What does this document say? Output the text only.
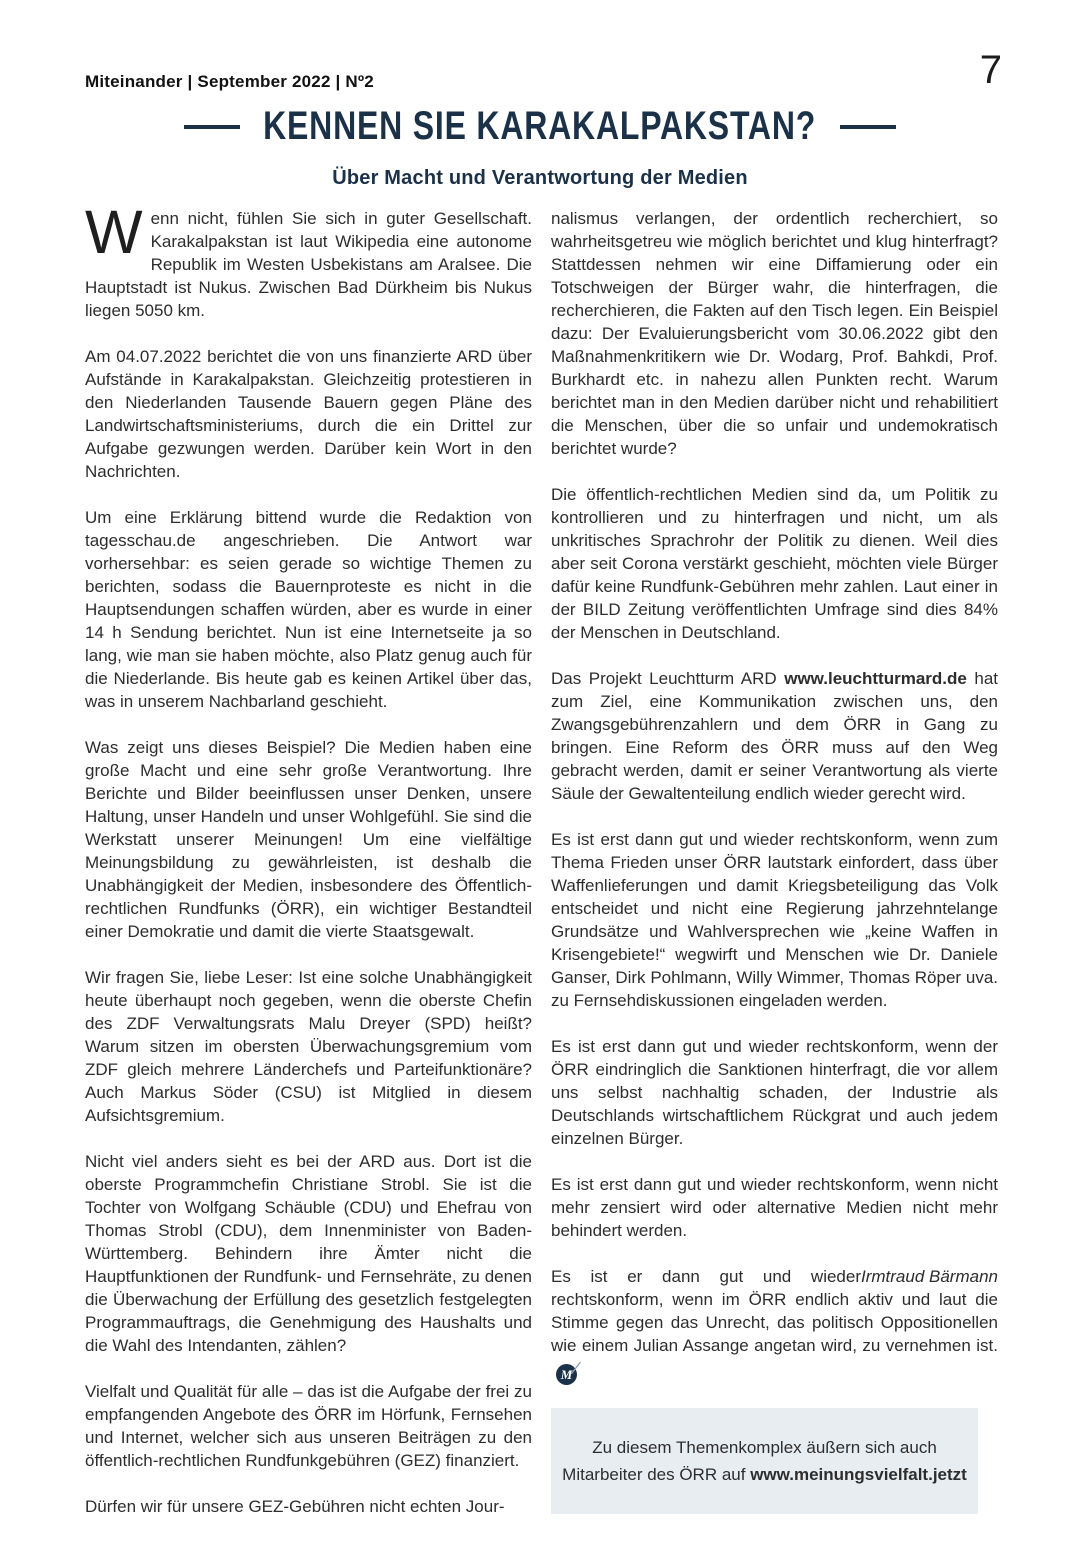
Miteinander | September 2022 | Nº2	7
KENNEN SIE KARAKALPAKSTAN?
Über Macht und Verantwortung der Medien

Wenn nicht, fühlen Sie sich in guter Gesellschaft. Karakalpakstan ist laut Wikipedia eine autonome Republik im Westen Usbekistans am Aralsee. Die Hauptstadt ist Nukus. Zwischen Bad Dürkheim bis Nukus liegen 5050 km.

Am 04.07.2022 berichtet die von uns finanzierte ARD über Aufstände in Karakalpakstan. Gleichzeitig protestieren in den Niederlanden Tausende Bauern gegen Pläne des Landwirtschaftsministeriums, durch die ein Drittel zur Aufgabe gezwungen werden. Darüber kein Wort in den Nachrichten.

Um eine Erklärung bittend wurde die Redaktion von tagesschau.de angeschrieben. Die Antwort war vorhersehbar: es seien gerade so wichtige Themen zu berichten, sodass die Bauernproteste es nicht in die Hauptsendungen schaffen würden, aber es wurde in einer 14 h Sendung berichtet. Nun ist eine Internetseite ja so lang, wie man sie haben möchte, also Platz genug auch für die Niederlande. Bis heute gab es keinen Artikel über das, was in unserem Nachbarland geschieht.

Was zeigt uns dieses Beispiel? Die Medien haben eine große Macht und eine sehr große Verantwortung. Ihre Berichte und Bilder beeinflussen unser Denken, unsere Haltung, unser Handeln und unser Wohlgefühl. Sie sind die Werkstatt unserer Meinungen! Um eine vielfältige Meinungsbildung zu gewährleisten, ist deshalb die Unabhängigkeit der Medien, insbesondere des Öffentlich-rechtlichen Rundfunks (ÖRR), ein wichtiger Bestandteil einer Demokratie und damit die vierte Staatsgewalt.

Wir fragen Sie, liebe Leser: Ist eine solche Unabhängigkeit heute überhaupt noch gegeben, wenn die oberste Chefin des ZDF Verwaltungsrats Malu Dreyer (SPD) heißt? Warum sitzen im obersten Überwachungsgremium vom ZDF gleich mehrere Länderchefs und Parteifunktionäre? Auch Markus Söder (CSU) ist Mitglied in diesem Aufsichtsgremium.

Nicht viel anders sieht es bei der ARD aus. Dort ist die oberste Programmchefin Christiane Strobl. Sie ist die Tochter von Wolfgang Schäuble (CDU) und Ehefrau von Thomas Strobl (CDU), dem Innenminister von Baden-Württemberg. Behindern ihre Ämter nicht die Hauptfunktionen der Rundfunk- und Fernsehräte, zu denen die Überwachung der Erfüllung des gesetzlich festgelegten Programmauftrags, die Genehmigung des Haushalts und die Wahl des Intendanten, zählen?

Vielfalt und Qualität für alle – das ist die Aufgabe der frei zu empfangenden Angebote des ÖRR im Hörfunk, Fernsehen und Internet, welcher sich aus unseren Beiträgen zu den öffentlich-rechtlichen Rundfunkgebühren (GEZ) finanziert.

Dürfen wir für unsere GEZ-Gebühren nicht echten Jour-

nalismus verlangen, der ordentlich recherchiert, so wahrheitsgetreu wie möglich berichtet und klug hinterfragt? Stattdessen nehmen wir eine Diffamierung oder ein Totschweigen der Bürger wahr, die hinterfragen, die recherchieren, die Fakten auf den Tisch legen. Ein Beispiel dazu: Der Evaluierungsbericht vom 30.06.2022 gibt den Maßnahmenkritikern wie Dr. Wodarg, Prof. Bahkdi, Prof. Burkhardt etc. in nahezu allen Punkten recht. Warum berichtet man in den Medien darüber nicht und rehabilitiert die Menschen, über die so unfair und undemokratisch berichtet wurde?

Die öffentlich-rechtlichen Medien sind da, um Politik zu kontrollieren und zu hinterfragen und nicht, um als unkritisches Sprachrohr der Politik zu dienen. Weil dies aber seit Corona verstärkt geschieht, möchten viele Bürger dafür keine Rundfunk-Gebühren mehr zahlen. Laut einer in der BILD Zeitung veröffentlichten Umfrage sind dies 84% der Menschen in Deutschland.

Das Projekt Leuchtturm ARD www.leuchtturmard.de hat zum Ziel, eine Kommunikation zwischen uns, den Zwangsgebührenzahlern und dem ÖRR in Gang zu bringen. Eine Reform des ÖRR muss auf den Weg gebracht werden, damit er seiner Verantwortung als vierte Säule der Gewaltenteilung endlich wieder gerecht wird.

Es ist erst dann gut und wieder rechtskonform, wenn zum Thema Frieden unser ÖRR lautstark einfordert, dass über Waffenlieferungen und damit Kriegsbeteiligung das Volk entscheidet und nicht eine Regierung jahrzehntelange Grundsätze und Wahlversprechen wie „keine Waffen in Krisengebiete!“ wegwirft und Menschen wie Dr. Daniele Ganser, Dirk Pohlmann, Willy Wimmer, Thomas Röper uva. zu Fernsehdiskussionen eingeladen werden.

Es ist erst dann gut und wieder rechtskonform, wenn der ÖRR eindringlich die Sanktionen hinterfragt, die vor allem uns selbst nachhaltig schaden, der Industrie als Deutschlands wirtschaftlichem Rückgrat und auch jedem einzelnen Bürger.

Es ist erst dann gut und wieder rechtskonform, wenn nicht mehr zensiert wird oder alternative Medien nicht mehr behindert werden.

Irmtraud Bärmann
Es ist er dann gut und wieder rechtskonform, wenn im ÖRR endlich aktiv und laut die Stimme gegen das Unrecht, das politisch Oppositionellen wie einem Julian Assange angetan wird, zu vernehmen ist. M ∕

Zu diesem Themenkomplex äußern sich auch
Mitarbeiter des ÖRR auf www.meinungsvielfalt.jetzt
